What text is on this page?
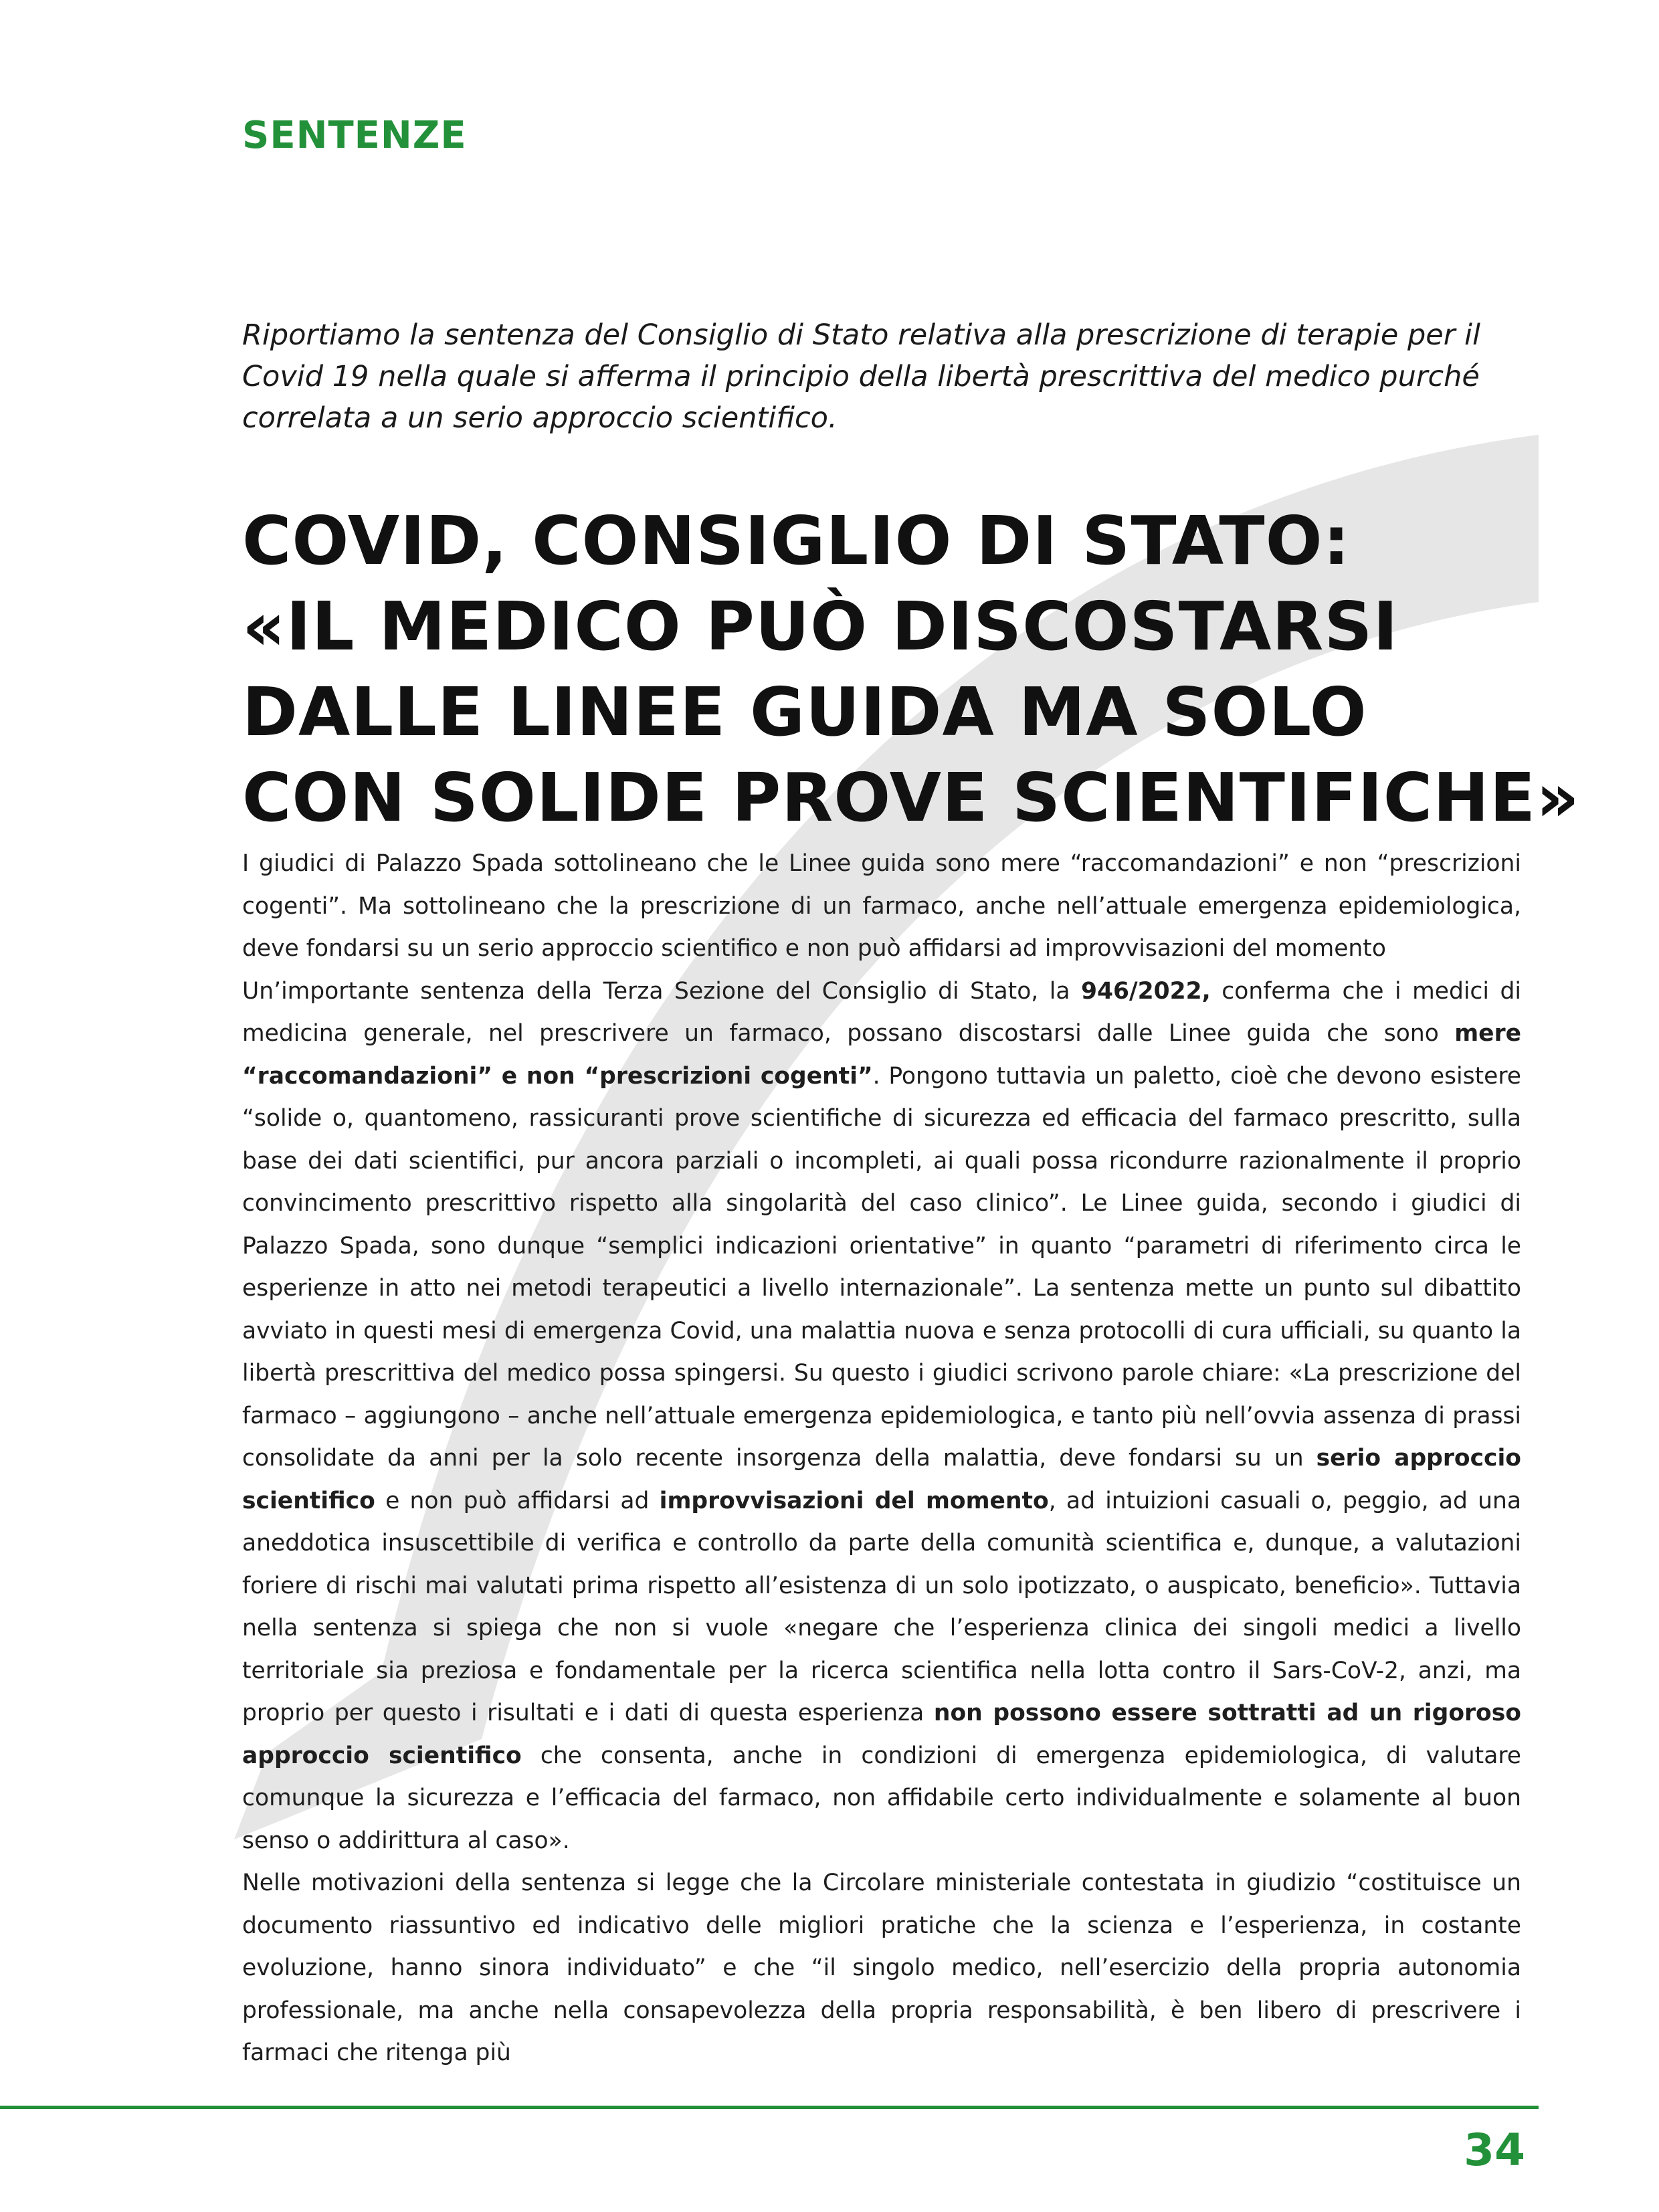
SENTENZE
Riportiamo la sentenza del Consiglio di Stato relativa alla prescrizione di terapie per il
Covid 19 nella quale si afferma il principio della libertà prescrittiva del medico purché
correlata a un serio approccio scientifico.
COVID, CONSIGLIO DI STATO:
«IL MEDICO PUÒ DISCOSTARSI
DALLE LINEE GUIDA MA SOLO
CON SOLIDE PROVE SCIENTIFICHE»

I giudici di Palazzo Spada sottolineano che le Linee guida sono mere “raccomandazioni” e non “prescrizioni cogenti”. Ma sottolineano che la prescrizione di un farmaco, anche nell’attuale emergenza epidemiologica, deve fondarsi su un serio approccio scientifico e non può affidarsi ad improvvisazioni del momento

Un’importante sentenza della Terza Sezione del Consiglio di Stato, la 946/2022, conferma che i medici di medicina generale, nel prescrivere un farmaco, possano discostarsi dalle Linee guida che sono mere “raccomandazioni” e non “prescrizioni cogenti”. Pongono tuttavia un paletto, cioè che devono esistere “solide o, quantomeno, rassicuranti prove scientifiche di sicurezza ed efficacia del farmaco prescritto, sulla base dei dati scientifici, pur ancora parziali o incompleti, ai quali possa ricondurre razionalmente il proprio convincimento prescrittivo rispetto alla singolarità del caso clinico”. Le Linee guida, secondo i giudici di Palazzo Spada, sono dunque “semplici indicazioni orientative” in quanto “parametri di riferimento circa le esperienze in atto nei metodi terapeutici a livello internazionale”. La sentenza mette un punto sul dibattito avviato in questi mesi di emergenza Covid, una malattia nuova e senza protocolli di cura ufficiali, su quanto la libertà prescrittiva del medico possa spingersi. Su questo i giudici scrivono parole chiare: «La prescrizione del farmaco – aggiungono – anche nell’attuale emergenza epidemiologica, e tanto più nell’ovvia assenza di prassi consolidate da anni per la solo recente insorgenza della malattia, deve fondarsi su un serio approccio scientifico e non può affidarsi ad improvvisazioni del momento, ad intuizioni casuali o, peggio, ad una aneddotica insuscettibile di verifica e controllo da parte della comunità scientifica e, dunque, a valutazioni foriere di rischi mai valutati prima rispetto all’esistenza di un solo ipotizzato, o auspicato, beneficio». Tuttavia nella sentenza si spiega che non si vuole «negare che l’esperienza clinica dei singoli medici a livello territoriale sia preziosa e fondamentale per la ricerca scientifica nella lotta contro il Sars-CoV-2, anzi, ma proprio per questo i risultati e i dati di questa esperienza non possono essere sottratti ad un rigoroso approccio scientifico che consenta, anche in condizioni di emergenza epidemiologica, di valutare comunque la sicurezza e l’efficacia del farmaco, non affidabile certo individualmente e solamente al buon senso o addirittura al caso».

Nelle motivazioni della sentenza si legge che la Circolare ministeriale contestata in giudizio “costituisce un documento riassuntivo ed indicativo delle migliori pratiche che la scienza e l’esperienza, in costante evoluzione, hanno sinora individuato” e che “il singolo medico, nell’esercizio della propria autonomia professionale, ma anche nella consapevolezza della propria responsabilità, è ben libero di prescrivere i farmaci che ritenga più

34
